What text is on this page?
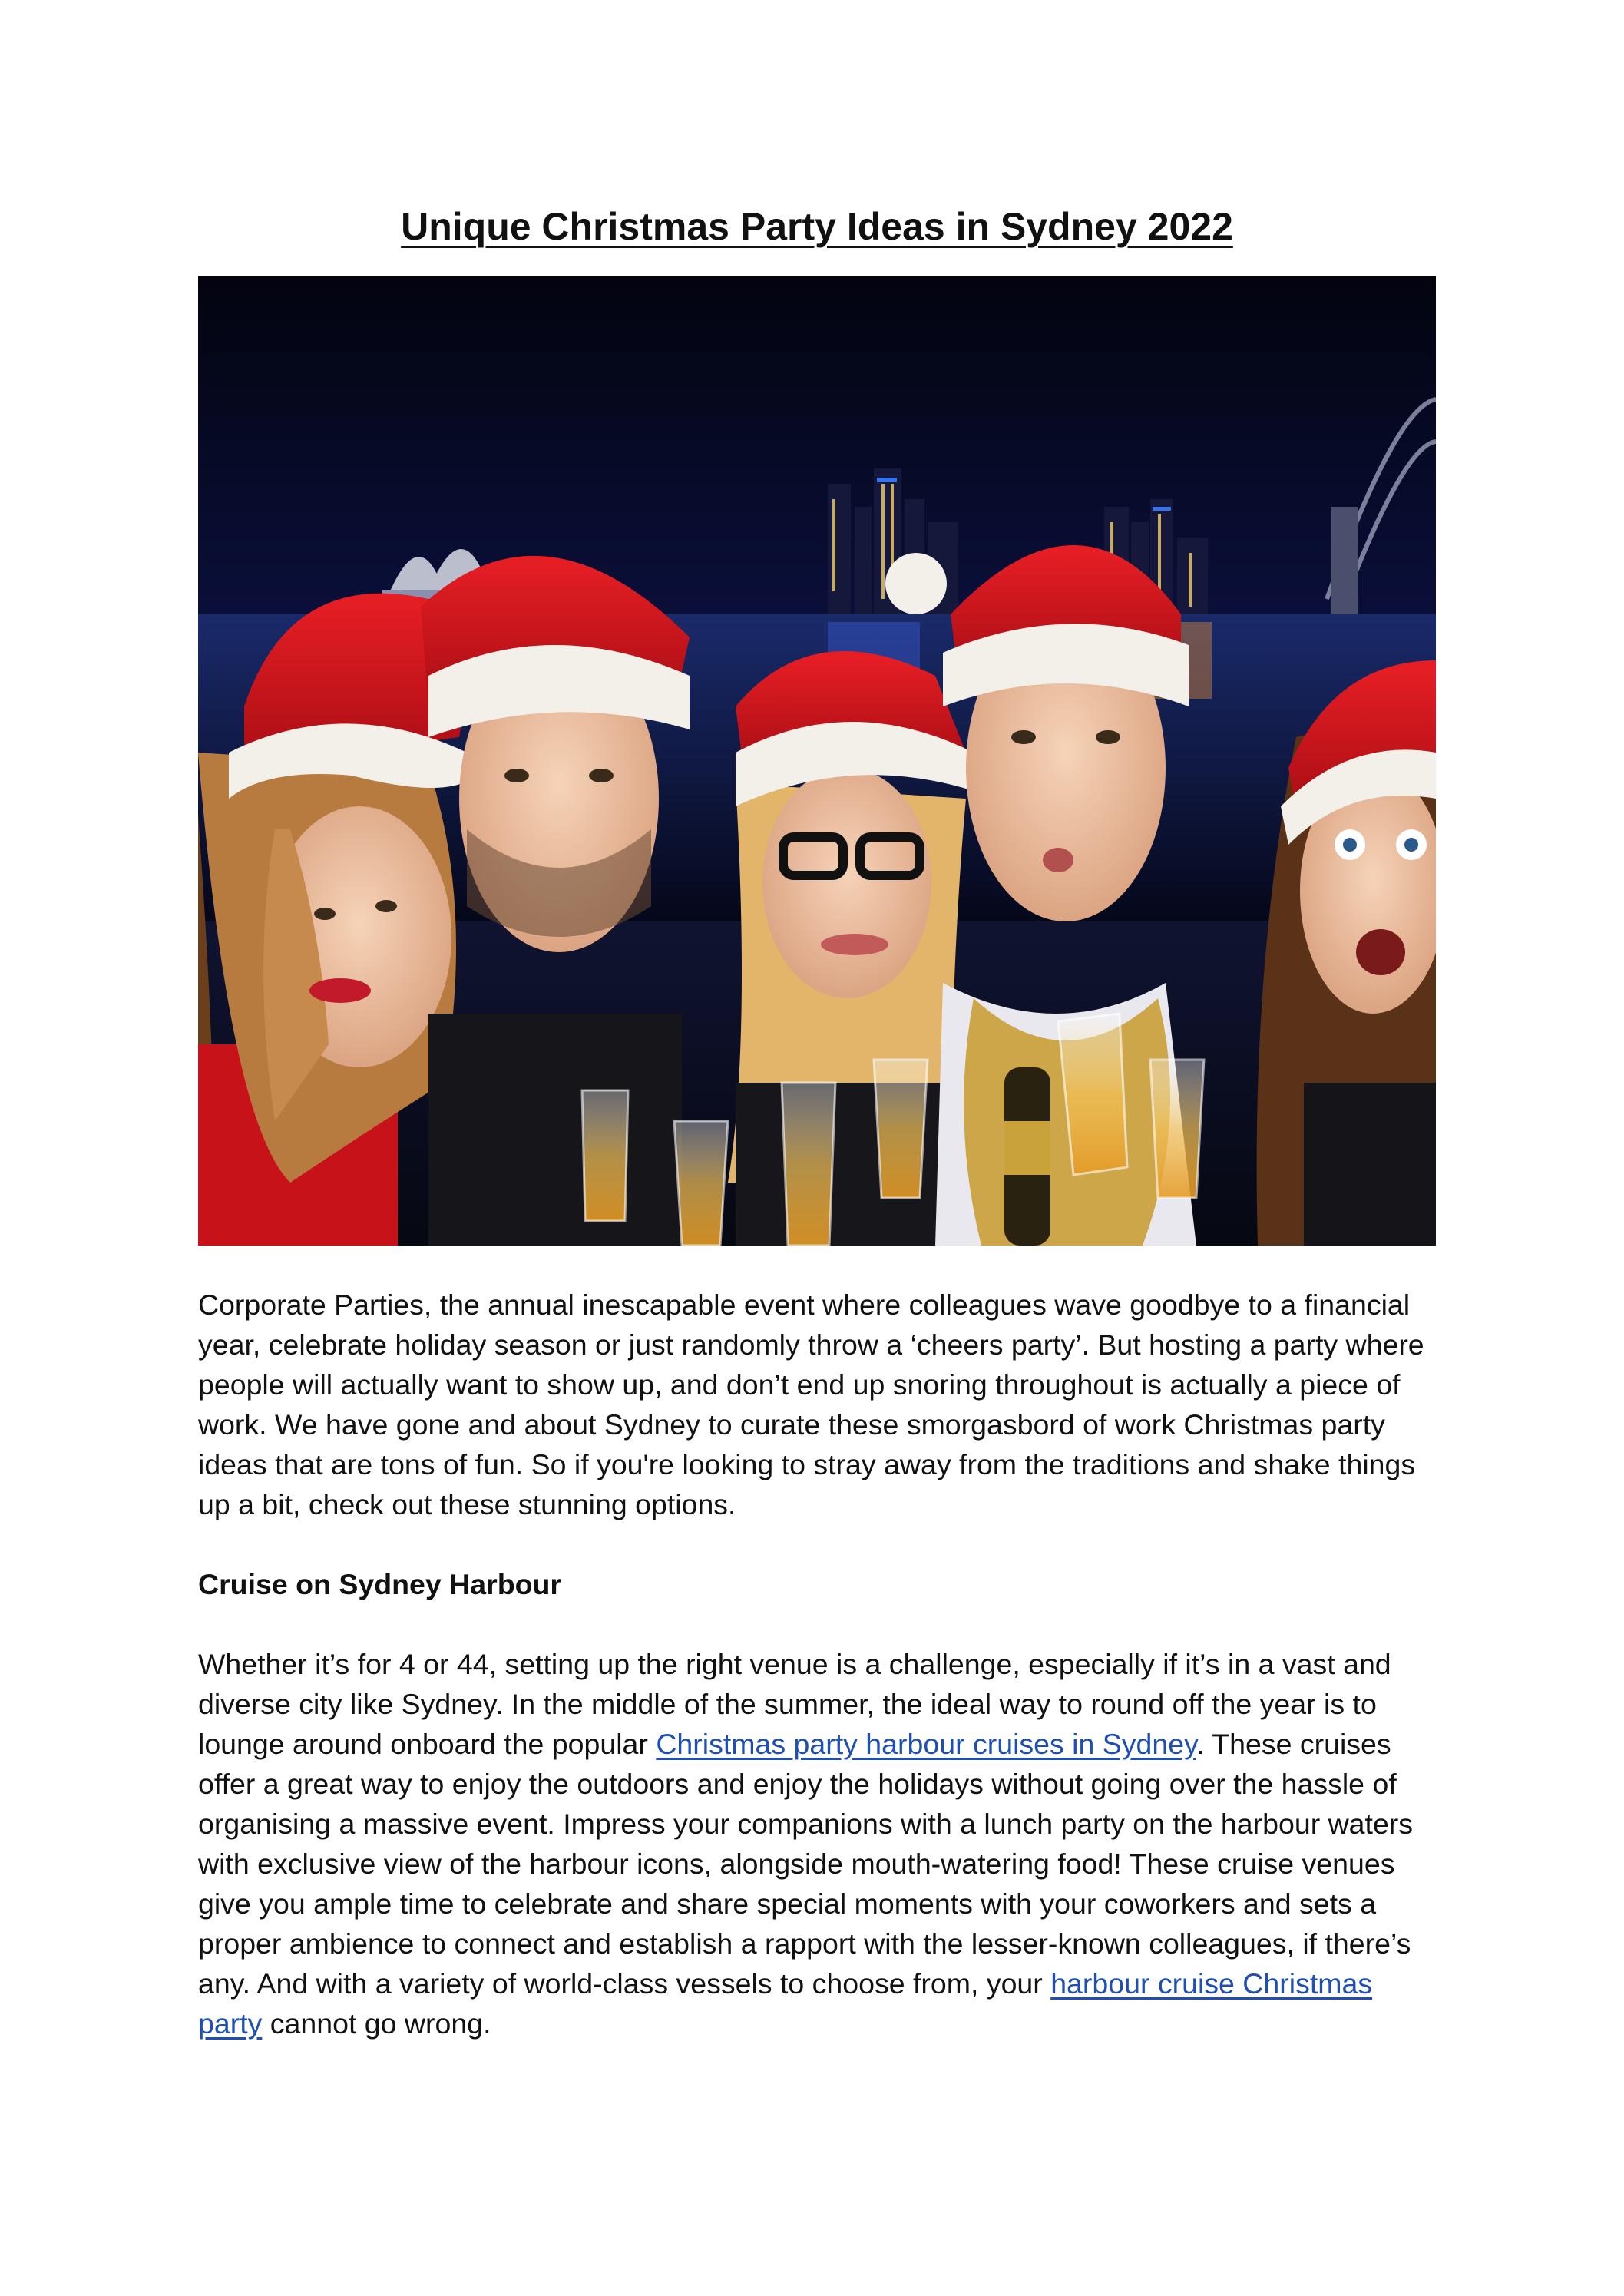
Unique Christmas Party Ideas in Sydney 2022
Corporate Parties, the annual inescapable event where colleagues wave goodbye to a financial year, celebrate holiday season or just randomly throw a ‘cheers party’. But hosting a party where people will actually want to show up, and don’t end up snoring throughout is actually a piece of work. We have gone and about Sydney to curate these smorgasbord of work Christmas party ideas that are tons of fun. So if you're looking to stray away from the traditions and shake things up a bit, check out these stunning options.
Cruise on Sydney Harbour
Whether it’s for 4 or 44, setting up the right venue is a challenge, especially if it’s in a vast and diverse city like Sydney. In the middle of the summer, the ideal way to round off the year is to lounge around onboard the popular Christmas party harbour cruises in Sydney. These cruises offer a great way to enjoy the outdoors and enjoy the holidays without going over the hassle of organising a massive event. Impress your companions with a lunch party on the harbour waters with exclusive view of the harbour icons, alongside mouth-watering food! These cruise venues give you ample time to celebrate and share special moments with your coworkers and sets a proper ambience to connect and establish a rapport with the lesser-known colleagues, if there’s any. And with a variety of world-class vessels to choose from, your harbour cruise Christmas party cannot go wrong.
